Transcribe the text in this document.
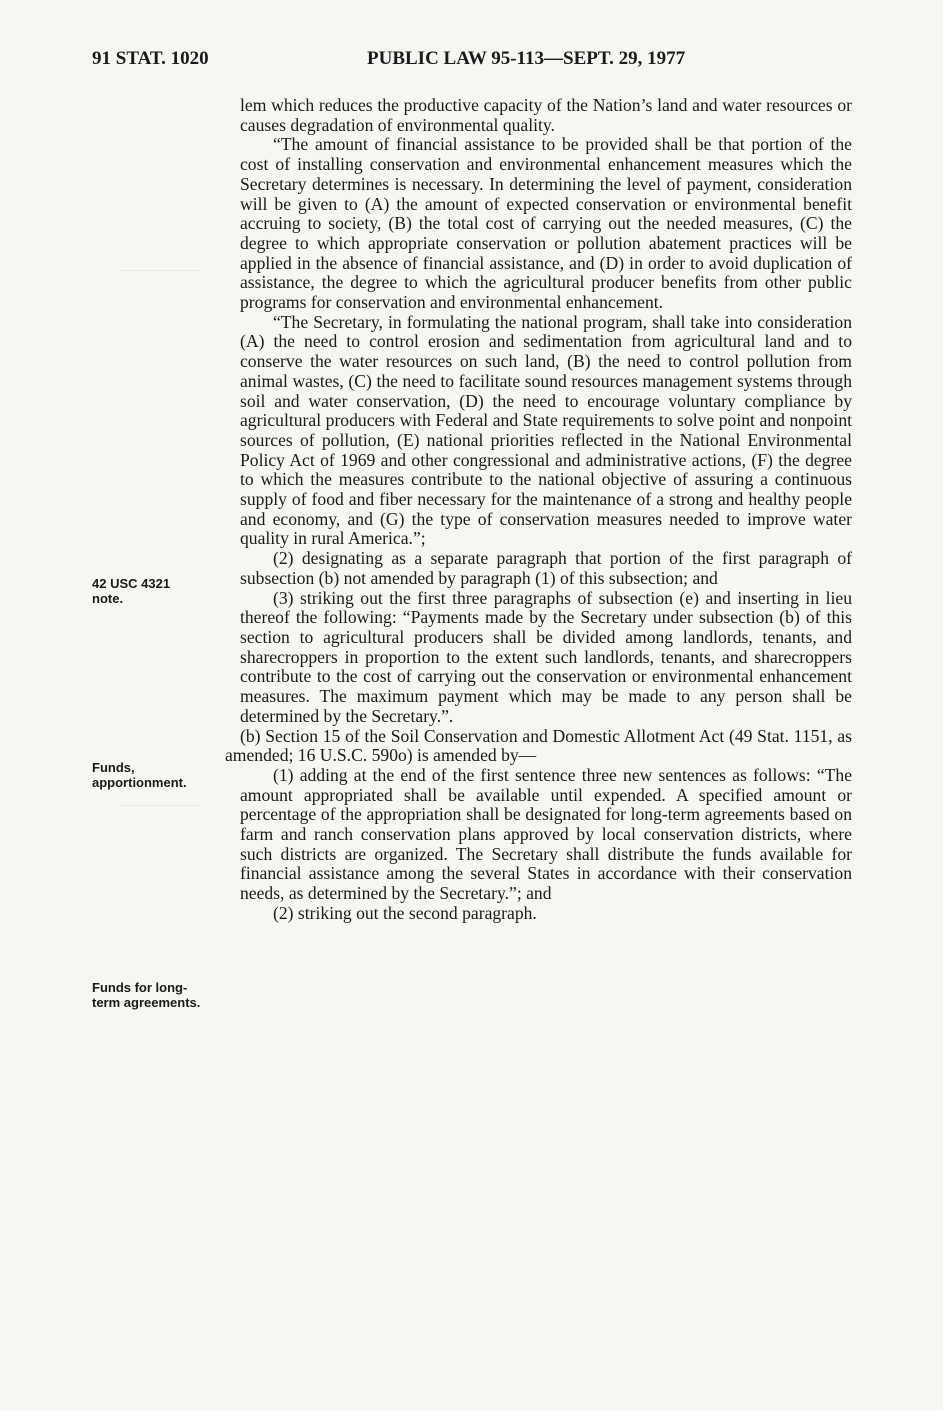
91 STAT. 1020	PUBLIC LAW 95-113—SEPT. 29, 1977
42 USC 4321
note.
Funds,
apportionment.
Funds for long-
term agreements.

lem which reduces the productive capacity of the Nation’s land and water resources or causes degradation of environmental quality.

“The amount of financial assistance to be provided shall be that portion of the cost of installing conservation and environmental enhancement measures which the Secretary determines is necessary. In determining the level of payment, consideration will be given to (A) the amount of expected conservation or environmental benefit accruing to society, (B) the total cost of carrying out the needed measures, (C) the degree to which appropriate conservation or pollution abatement practices will be applied in the absence of financial assistance, and (D) in order to avoid duplication of assistance, the degree to which the agricultural producer benefits from other public programs for conservation and environmental enhancement.

“The Secretary, in formulating the national program, shall take into consideration (A) the need to control erosion and sedimentation from agricultural land and to conserve the water resources on such land, (B) the need to control pollution from animal wastes, (C) the need to facilitate sound resources management systems through soil and water conservation, (D) the need to encourage voluntary compliance by agricultural producers with Federal and State requirements to solve point and nonpoint sources of pollution, (E) national priorities reflected in the National Environmental Policy Act of 1969 and other congressional and administrative actions, (F) the degree to which the measures contribute to the national objective of assuring a continuous supply of food and fiber necessary for the maintenance of a strong and healthy people and economy, and (G) the type of conservation measures needed to improve water quality in rural America.”;

(2) designating as a separate paragraph that portion of the first paragraph of subsection (b) not amended by paragraph (1) of this subsection; and

(3) striking out the first three paragraphs of subsection (e) and inserting in lieu thereof the following: “Payments made by the Secretary under subsection (b) of this section to agricultural producers shall be divided among landlords, tenants, and sharecroppers in proportion to the extent such landlords, tenants, and sharecroppers contribute to the cost of carrying out the conservation or environmental enhancement measures. The maximum payment which may be made to any person shall be determined by the Secretary.”.

(b) Section 15 of the Soil Conservation and Domestic Allotment Act (49 Stat. 1151, as amended; 16 U.S.C. 590o) is amended by—

(1) adding at the end of the first sentence three new sentences as follows: “The amount appropriated shall be available until expended. A specified amount or percentage of the appropriation shall be designated for long-term agreements based on farm and ranch conservation plans approved by local conservation districts, where such districts are organized. The Secretary shall distribute the funds available for financial assistance among the several States in accordance with their conservation needs, as determined by the Secretary.”; and

(2) striking out the second paragraph.
